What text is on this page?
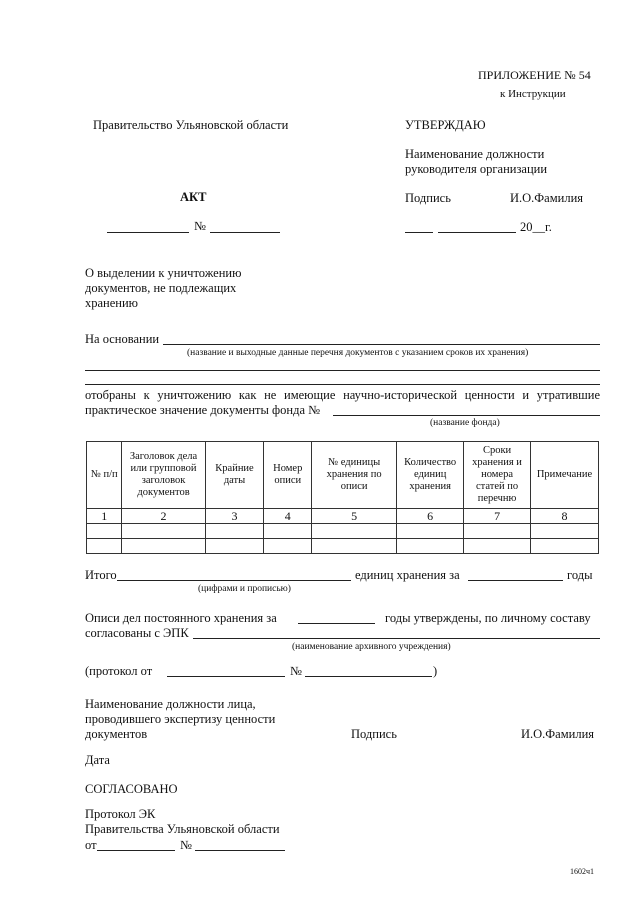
ПРИЛОЖЕНИЕ № 54
к Инструкции
Правительство Ульяновской области	УТВЕРЖДАЮ
Наименование должности
руководителя организации
Подпись	И.О.Фамилия
20__г.
АКТ
№
О выделении к уничтожению
документов, не подлежащих
хранению
На основании
(название и выходные данные перечня документов с указанием сроков их хранения)
отобраны к уничтожению как не имеющие научно-исторической ценности и утратившие
практическое значение документы фонда №
(название фонда)
№ п/п	Заголовок дела или групповой заголовок документов	Крайние даты	Номер описи	№ единицы хранения по описи	Количество единиц хранения	Сроки хранения и номера статей по перечню	Примечание
1	2	3	4	5	6	7	8

Итого	единиц хранения за	годы
(цифрами и прописью)
Описи дел постоянного хранения за	годы утверждены, по личному составу
согласованы с ЭПК
(наименование архивного учреждения)
(протокол от	№	)
Наименование должности лица,
проводившего экспертизу ценности
документов	Подпись	И.О.Фамилия
Дата
СОГЛАСОВАНО
Протокол ЭК
Правительства Ульяновской области
от	№
1602ч1
